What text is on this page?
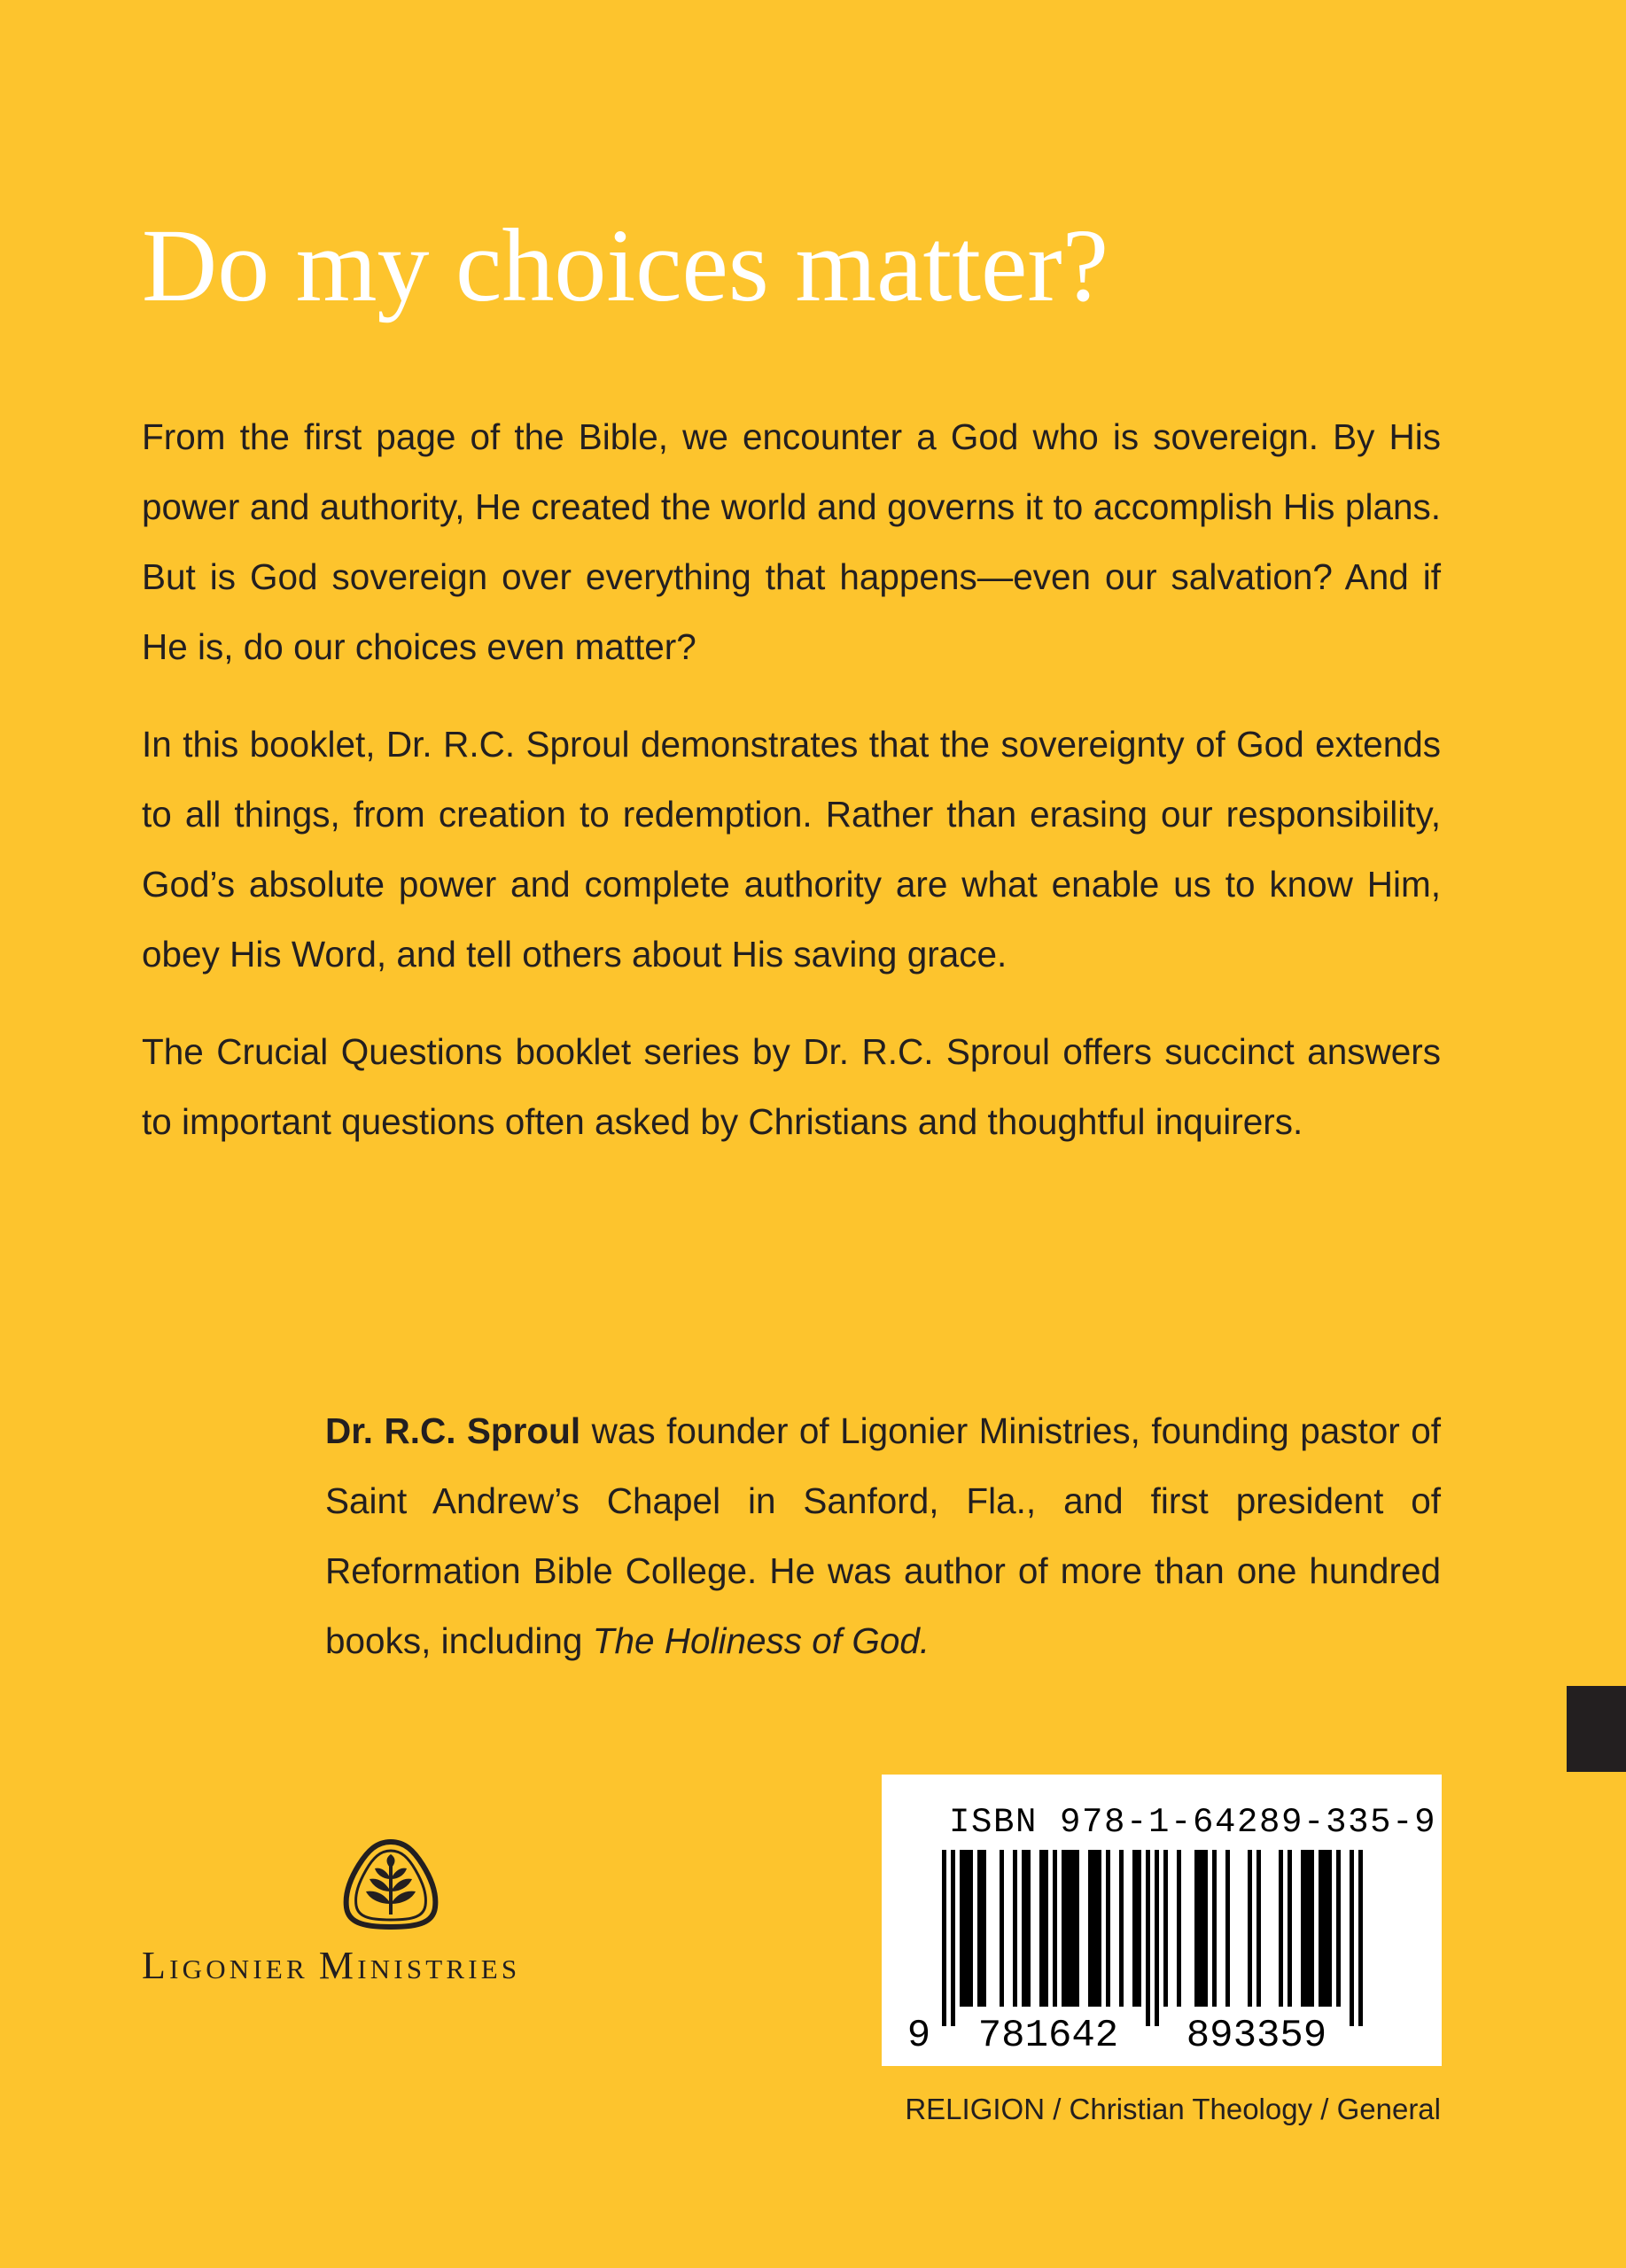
Do my choices matter?

From the first page of the Bible, we encounter a God who is sovereign. By His power and authority, He created the world and governs it to accomplish His plans. But is God sovereign over everything that happens—even our salvation? And if He is, do our choices even matter?

In this booklet, Dr. R.C. Sproul demonstrates that the sovereignty of God extends to all things, from creation to redemption. Rather than erasing our responsibility, God’s absolute power and complete authority are what enable us to know Him, obey His Word, and tell others about His saving grace.

The Crucial Questions booklet series by Dr. R.C. Sproul offers succinct answers to important questions often asked by Christians and thoughtful inquirers.

Dr. R.C. Sproul was founder of Ligonier Ministries, founding pastor of Saint Andrew’s Chapel in Sanford, Fla., and first president of Reformation Bible College. He was author of more than one hundred books, including The Holiness of God.

LIGONIER MINISTRIES
ISBN 978-1-64289-335-9
9 781642 893359
RELIGION / Christian Theology / General
